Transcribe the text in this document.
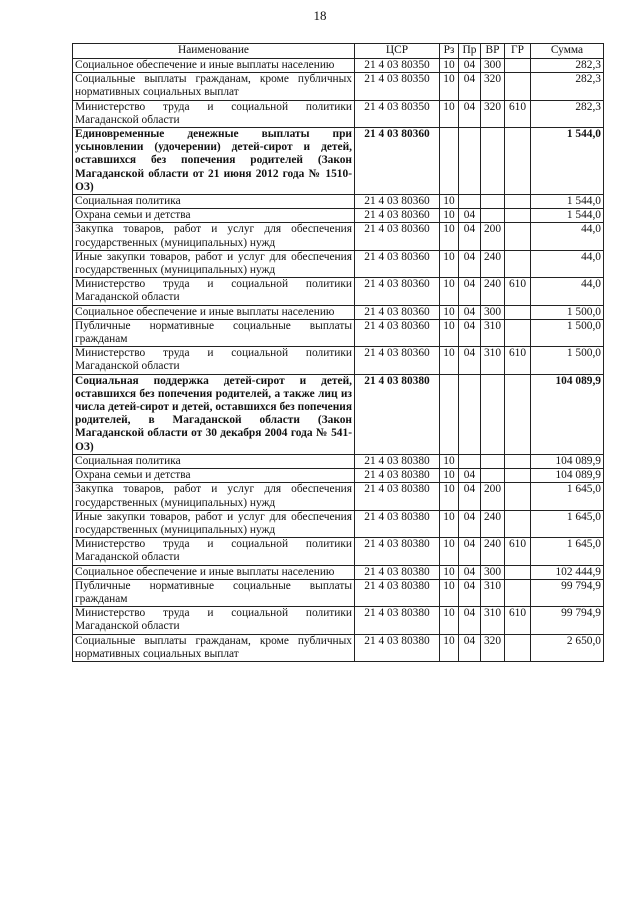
18
Наименование	ЦСР	Рз	Пр	ВР	ГР	Сумма
Социальное обеспечение и иные выплаты населению	21 4 03 80350	10	04	300		282,3
Социальные выплаты гражданам, кроме публичных нормативных социальных выплат	21 4 03 80350	10	04	320		282,3
Министерство труда и социальной политики Магаданской области	21 4 03 80350	10	04	320	610	282,3
Единовременные денежные выплаты при усыновлении (удочерении) детей-сирот и детей, оставшихся без попечения родителей (Закон Магаданской области от 21 июня 2012 года № 1510-ОЗ)	21 4 03 80360					1 544,0
Социальная политика	21 4 03 80360	10				1 544,0
Охрана семьи и детства	21 4 03 80360	10	04			1 544,0
Закупка товаров, работ и услуг для обеспечения государственных (муниципальных) нужд	21 4 03 80360	10	04	200		44,0
Иные закупки товаров, работ и услуг для обеспечения государственных (муниципальных) нужд	21 4 03 80360	10	04	240		44,0
Министерство труда и социальной политики Магаданской области	21 4 03 80360	10	04	240	610	44,0
Социальное обеспечение и иные выплаты населению	21 4 03 80360	10	04	300		1 500,0
Публичные нормативные социальные выплаты гражданам	21 4 03 80360	10	04	310		1 500,0
Министерство труда и социальной политики Магаданской области	21 4 03 80360	10	04	310	610	1 500,0
Социальная поддержка детей-сирот и детей, оставшихся без попечения родителей, а также лиц из числа детей-сирот и детей, оставшихся без попечения родителей, в Магаданской области (Закон Магаданской области от 30 декабря 2004 года № 541-ОЗ)	21 4 03 80380					104 089,9
Социальная политика	21 4 03 80380	10				104 089,9
Охрана семьи и детства	21 4 03 80380	10	04			104 089,9
Закупка товаров, работ и услуг для обеспечения государственных (муниципальных) нужд	21 4 03 80380	10	04	200		1 645,0
Иные закупки товаров, работ и услуг для обеспечения государственных (муниципальных) нужд	21 4 03 80380	10	04	240		1 645,0
Министерство труда и социальной политики Магаданской области	21 4 03 80380	10	04	240	610	1 645,0
Социальное обеспечение и иные выплаты населению	21 4 03 80380	10	04	300		102 444,9
Публичные нормативные социальные выплаты гражданам	21 4 03 80380	10	04	310		99 794,9
Министерство труда и социальной политики Магаданской области	21 4 03 80380	10	04	310	610	99 794,9
Социальные выплаты гражданам, кроме публичных нормативных социальных выплат	21 4 03 80380	10	04	320		2 650,0
